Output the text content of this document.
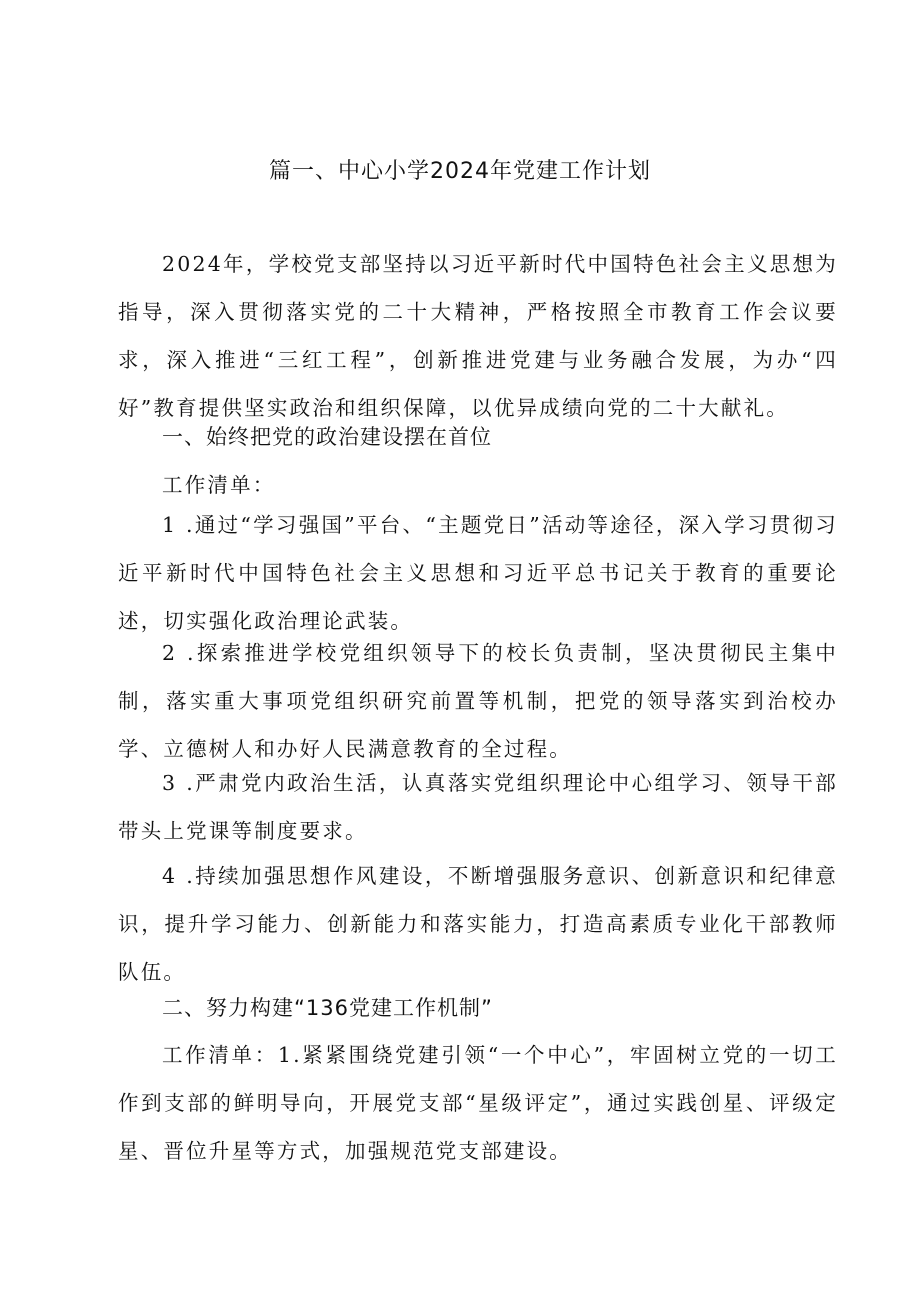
篇一、中心小学2024年党建工作计划

2024年，学校党支部坚持以习近平新时代中国特色社会主义思想为指导，深入贯彻落实党的二十大精神，严格按照全市教育工作会议要求，深入推进“三红工程”，创新推进党建与业务融合发展，为办“四好”教育提供坚实政治和组织保障，以优异成绩向党的二十大献礼。

一、始终把党的政治建设摆在首位
工作清单：

1 .通过“学习强国”平台、“主题党日”活动等途径，深入学习贯彻习近平新时代中国特色社会主义思想和习近平总书记关于教育的重要论述，切实强化政治理论武装。

2 .探索推进学校党组织领导下的校长负责制，坚决贯彻民主集中制，落实重大事项党组织研究前置等机制，把党的领导落实到治校办学、立德树人和办好人民满意教育的全过程。

3 .严肃党内政治生活，认真落实党组织理论中心组学习、领导干部带头上党课等制度要求。

4 .持续加强思想作风建设，不断增强服务意识、创新意识和纪律意识，提升学习能力、创新能力和落实能力，打造高素质专业化干部教师队伍。

二、努力构建“136党建工作机制”

工作清单：1.紧紧围绕党建引领“一个中心”，牢固树立党的一切工作到支部的鲜明导向，开展党支部“星级评定”，通过实践创星、评级定星、晋位升星等方式，加强规范党支部建设。
